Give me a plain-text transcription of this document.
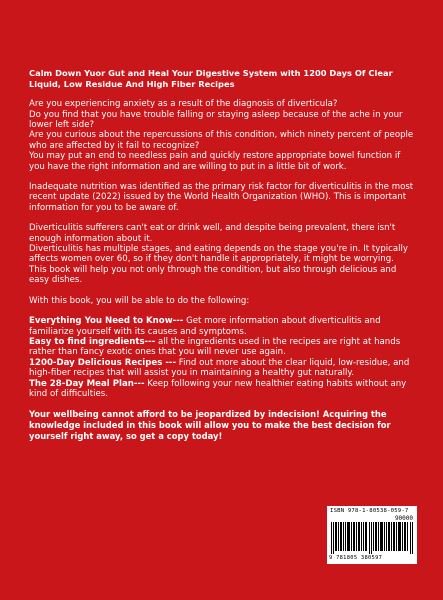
Calm Down Yuor Gut and Heal Your Digestive System with 1200 Days Of Clear Liquid, Low Residue And High Fiber Recipes

Are you experiencing anxiety as a result of the diagnosis of diverticula?

Do you find that you have trouble falling or staying asleep because of the ache in your lower left side?

Are you curious about the repercussions of this condition, which ninety percent of people who are affected by it fail to recognize?

You may put an end to needless pain and quickly restore appropriate bowel function if you have the right information and are willing to put in a little bit of work.

Inadequate nutrition was identified as the primary risk factor for diverticulitis in the most recent update (2022) issued by the World Health Organization (WHO). This is important information for you to be aware of.

Diverticulitis sufferers can't eat or drink well, and despite being prevalent, there isn't enough information about it.

Diverticulitis has multiple stages, and eating depends on the stage you're in. It typically affects women over 60, so if they don't handle it appropriately, it might be worrying.

This book will help you not only through the condition, but also through delicious and easy dishes.

With this book, you will be able to do the following:

Everything You Need to Know--- Get more information about diverticulitis and familiarize yourself with its causes and symptoms.

Easy to find ingredients--- all the ingredients used in the recipes are right at hands rather than fancy exotic ones that you will never use again.

1200-Day Delicious Recipes --- Find out more about the clear liquid, low-residue, and high-fiber recipes that will assist you in maintaining a healthy gut naturally.

The 28-Day Meal Plan--- Keep following your new healthier eating habits without any kind of difficulties.

Your wellbeing cannot afford to be jeopardized by indecision! Acquiring the knowledge included in this book will allow you to make the best decision for yourself right away, so get a copy today!

ISBN 978-1-80538-059-7
90000
9 781805 380597
